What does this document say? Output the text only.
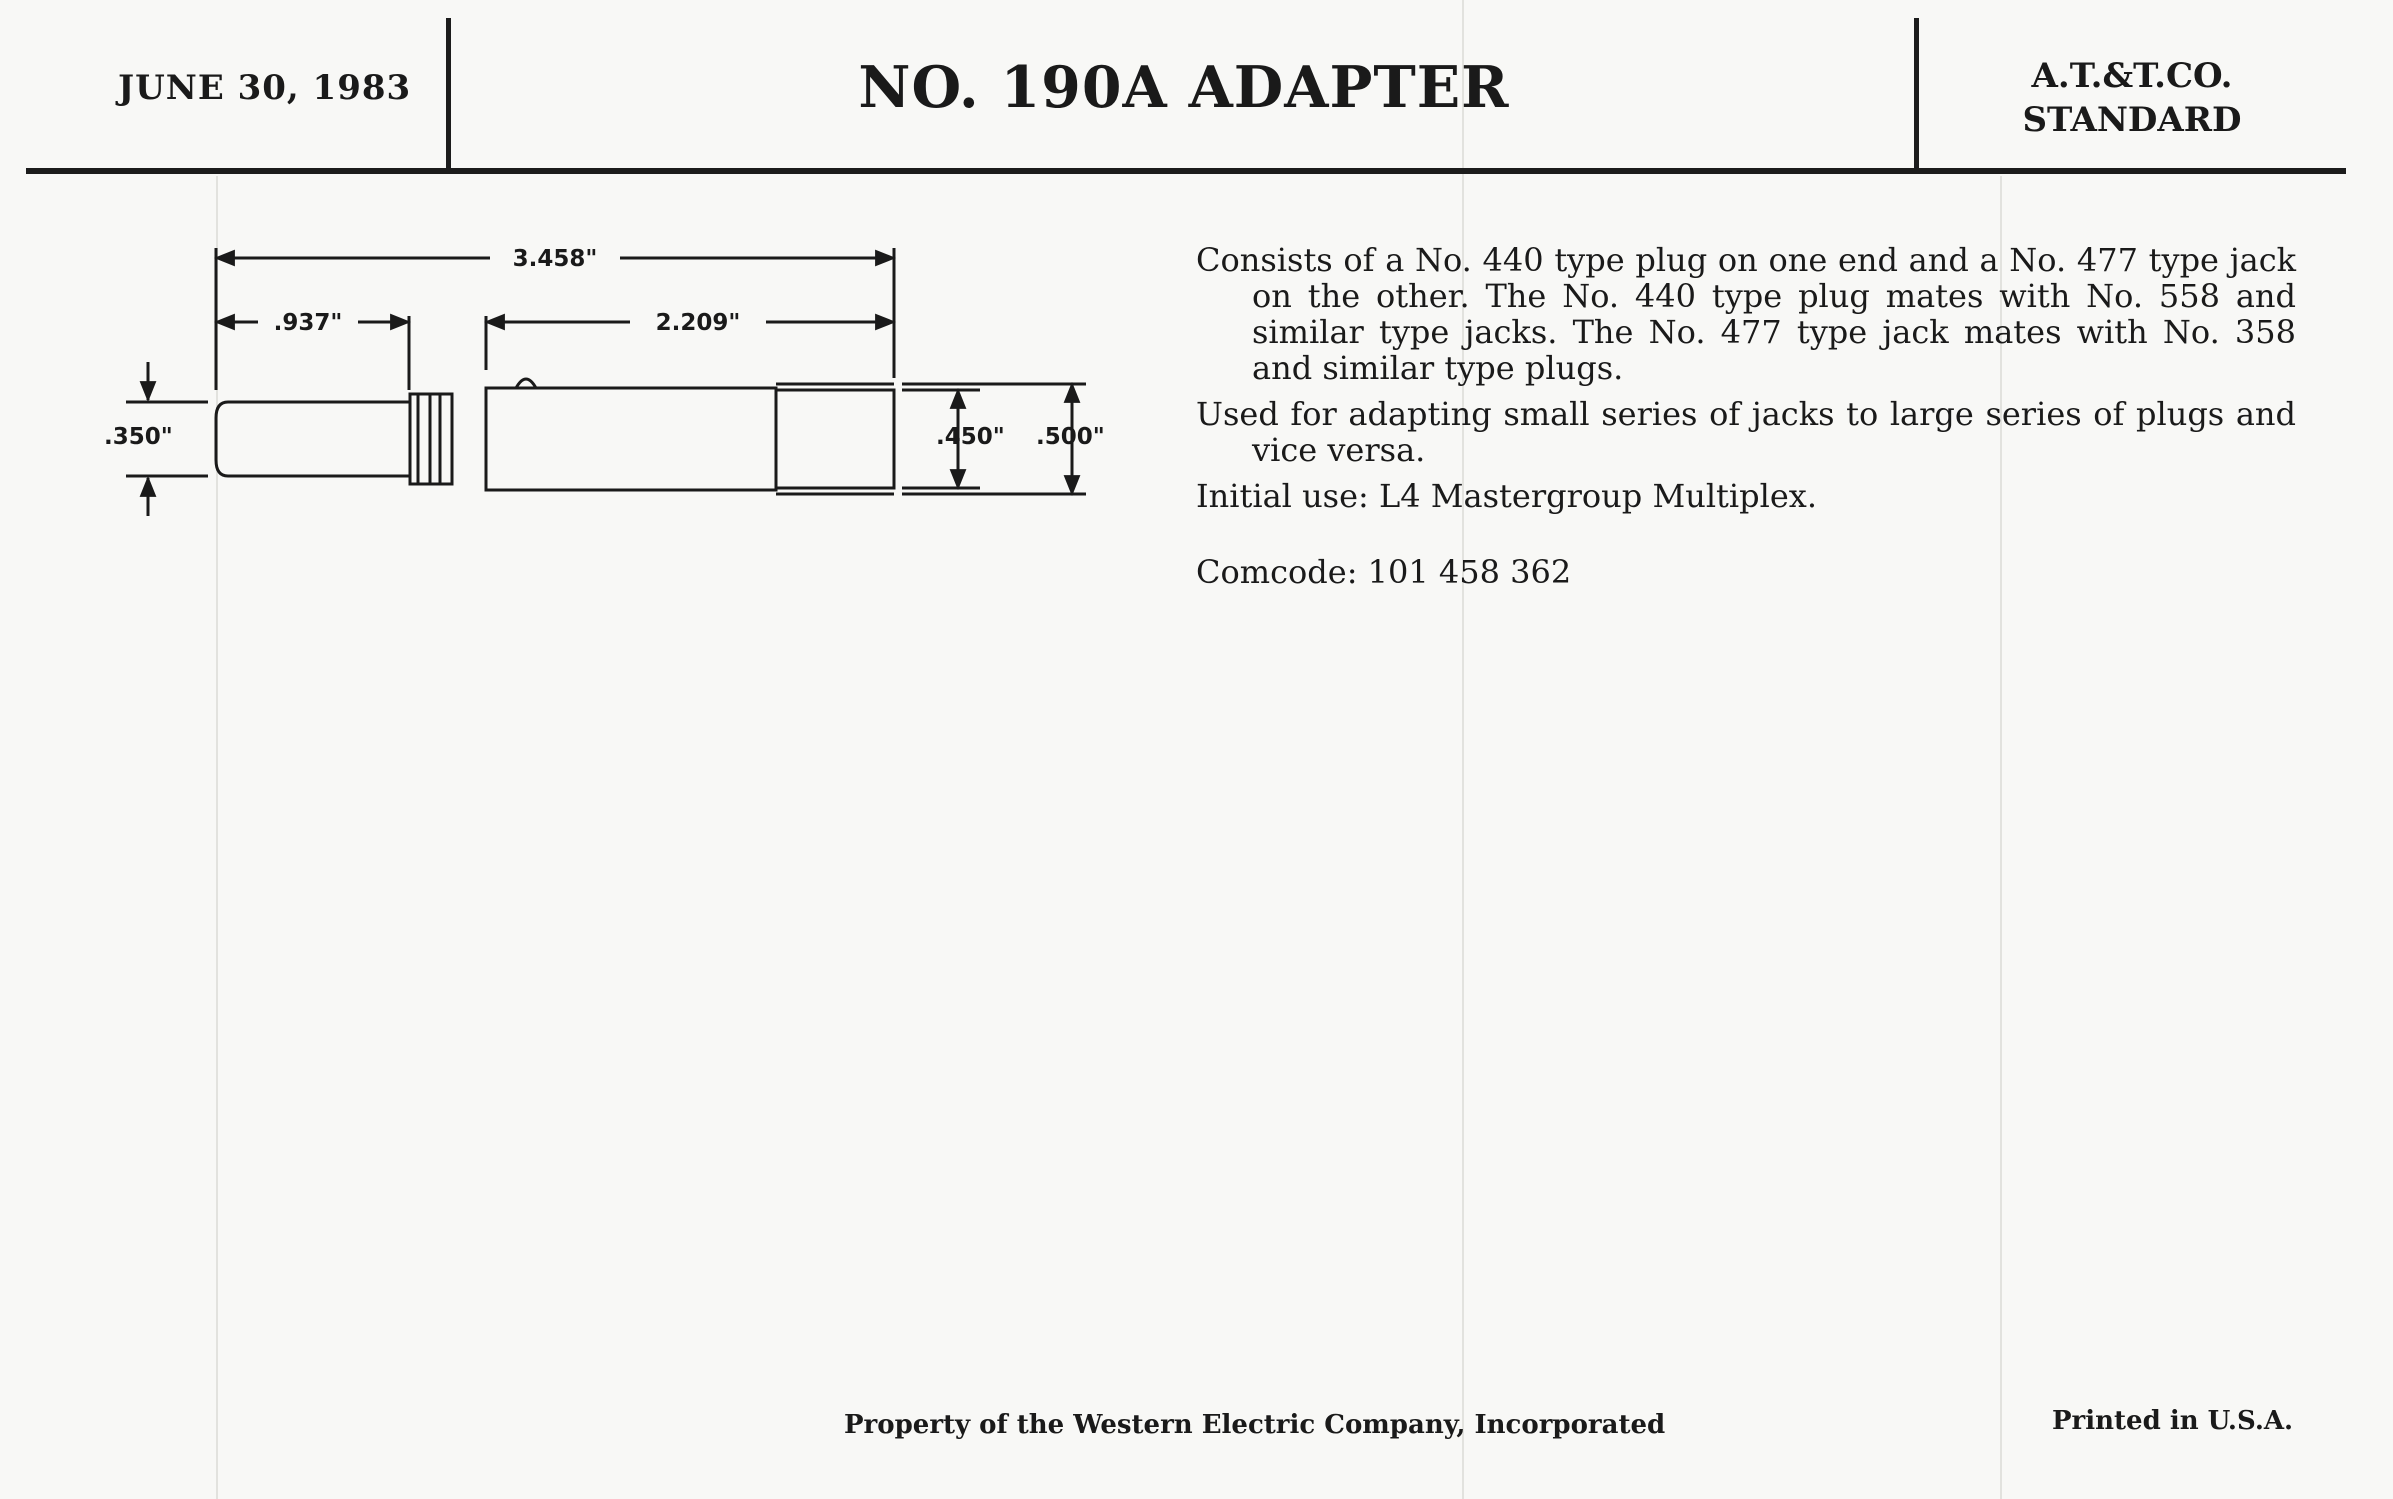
JUNE 30, 1983	NO. 190A ADAPTER	A.T.&T.CO.
STANDARD
3.458"
.937"	2.209"
.350"	.450" .500"

Consists of a No. 440 type plug on one end and a No. 477 type jack on the other. The No. 440 type plug mates with No. 558 and similar type jacks. The No. 477 type jack mates with No. 358 and similar type plugs.

Used for adapting small series of jacks to large series of plugs and vice versa.

Initial use: L4 Mastergroup Multiplex.

Comcode: 101 458 362

Property of the Western Electric Company, Incorporated	Printed in U.S.A.
